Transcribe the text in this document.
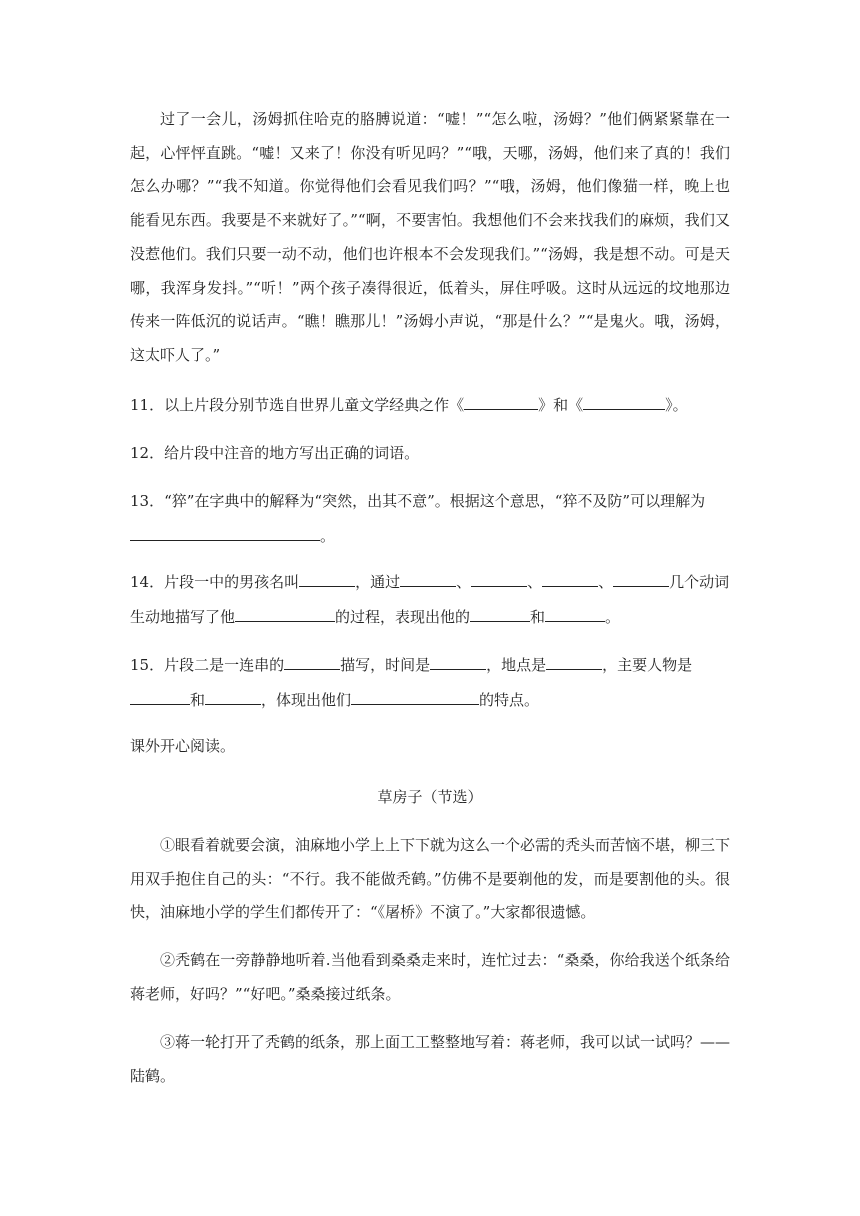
过了一会儿，汤姆抓住哈克的胳膊说道：“嘘！”“怎么啦，汤姆？”他们俩紧紧靠在一起，心怦怦直跳。“嘘！又来了！你没有听见吗？”“哦，天哪，汤姆，他们来了真的！我们怎么办哪？”“我不知道。你觉得他们会看见我们吗？”“哦，汤姆，他们像猫一样，晚上也能看见东西。我要是不来就好了。”“啊，不要害怕。我想他们不会来找我们的麻烦，我们又没惹他们。我们只要一动不动，他们也许根本不会发现我们。”“汤姆，我是想不动。可是天哪，我浑身发抖。”“听！”两个孩子凑得很近，低着头，屏住呼吸。这时从远远的坟地那边传来一阵低沉的说话声。“瞧！瞧那儿！”汤姆小声说，“那是什么？”“是鬼火。哦，汤姆，这太吓人了。”

11．以上片段分别节选自世界儿童文学经典之作《	》和《	》。

12．给片段中注音的地方写出正确的词语。

13．“猝”在字典中的解释为“突然，出其不意”。根据这个意思，“猝不及防”可以理解为
。

14．片段一中的男孩名叫	，通过	、	、	、	几个动词生动地描写了他	的过程，表现出他的	和	。

15．片段二是一连串的	描写，时间是	，地点是	，主要人物是
和	，体现出他们	的特点。

课外开心阅读。

草房子（节选）

①眼看着就要会演，油麻地小学上上下下就为这么一个必需的秃头而苦恼不堪，柳三下用双手抱住自己的头：“不行。我不能做秃鹤。”仿佛不是要剃他的发，而是要割他的头。很快，油麻地小学的学生们都传开了：“《屠桥》不演了。”大家都很遗憾。

②秃鹤在一旁静静地听着.当他看到桑桑走来时，连忙过去：“桑桑，你给我送个纸条给蒋老师，好吗？”“好吧。”桑桑接过纸条。

③蒋一轮打开了秃鹤的纸条，那上面工工整整地写着：蒋老师，我可以试一试吗？——陆鹤。
